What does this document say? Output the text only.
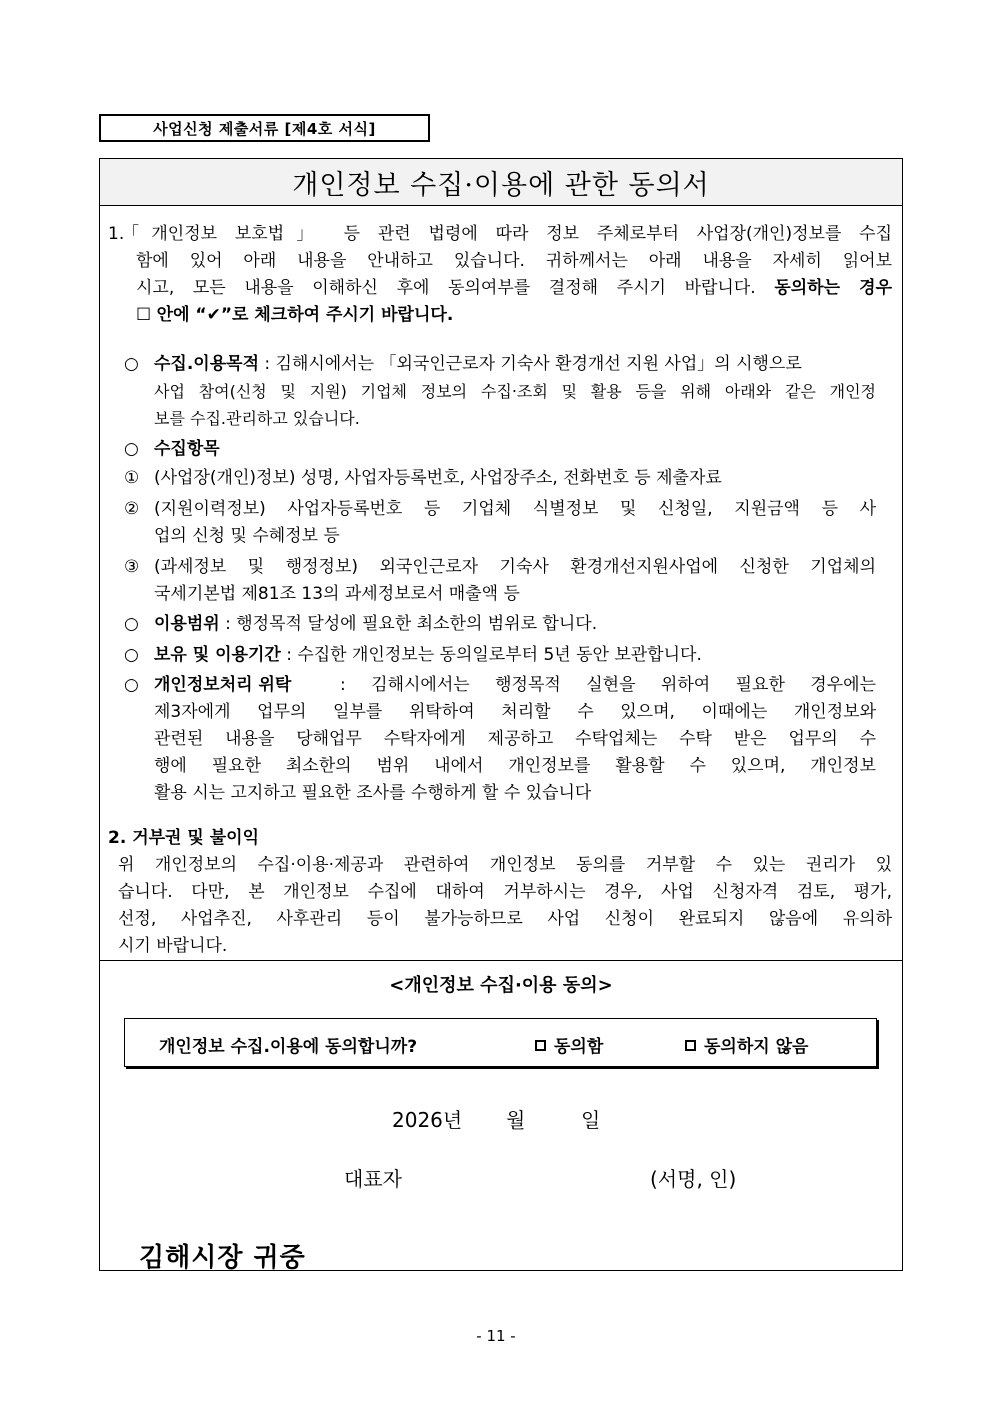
사업신청 제출서류 [제4호 서식]
개인정보 수집·이용에 관한 동의서
1.
「개인정보 보호법」 등 관련 법령에 따라 정보 주체로부터 사업장(개인)정보를 수집
함에 있어 아래 내용을 안내하고 있습니다. 귀하께서는 아래 내용을 자세히 읽어보
시고, 모든 내용을 이해하신 후에 동의여부를 결정해 주시기 바랍니다. 동의하는 경우
☐ 안에 “✔”로 체크하여 주시기 바랍니다.
○ 수집.이용목적 : 김해시에서는 「외국인근로자 기숙사 환경개선 지원 사업」의 시행으로
사업 참여(신청 및 지원) 기업체 정보의 수집‧조회 및 활용 등을 위해 아래와 같은 개인정
보를 수집.관리하고 있습니다.
○ 수집항목
① (사업장(개인)정보) 성명, 사업자등록번호, 사업장주소, 전화번호 등 제출자료
② (지원이력정보) 사업자등록번호 등 기업체 식별정보 및 신청일, 지원금액 등 사
업의 신청 및 수혜정보 등
③ (과세정보 및 행정정보) 외국인근로자 기숙사 환경개선지원사업에 신청한 기업체의
국세기본법 제81조 13의 과세정보로서 매출액 등
○ 이용범위 : 행정목적 달성에 필요한 최소한의 범위로 합니다.
○ 보유 및 이용기간 : 수집한 개인정보는 동의일로부터 5년 동안 보관합니다.
○ 개인정보처리 위탁	: 김해시에서는 행정목적 실현을 위하여 필요한 경우에는
제3자에게 업무의 일부를 위탁하여 처리할 수 있으며, 이때에는 개인정보와
관련된 내용을 당해업무 수탁자에게 제공하고 수탁업체는 수탁 받은 업무의 수
행에 필요한 최소한의 범위 내에서 개인정보를 활용할 수 있으며, 개인정보
활용 시는 고지하고 필요한 조사를 수행하게 할 수 있습니다
2. 거부권 및 불이익
위 개인정보의 수집·이용·제공과 관련하여 개인정보 동의를 거부할 수 있는 권리가 있
습니다. 다만, 본 개인정보 수집에 대하여 거부하시는 경우, 사업 신청자격 검토, 평가,
선정, 사업추진, 사후관리 등이 불가능하므로 사업 신청이 완료되지 않음에 유의하
시기 바랍니다.
<개인정보 수집·이용 동의>
개인정보 수집.이용에 동의합니까?	동의함	동의하지 않음
2026년 월	일
대표자	(서명, 인)
김해시장 귀중
- 11 -
